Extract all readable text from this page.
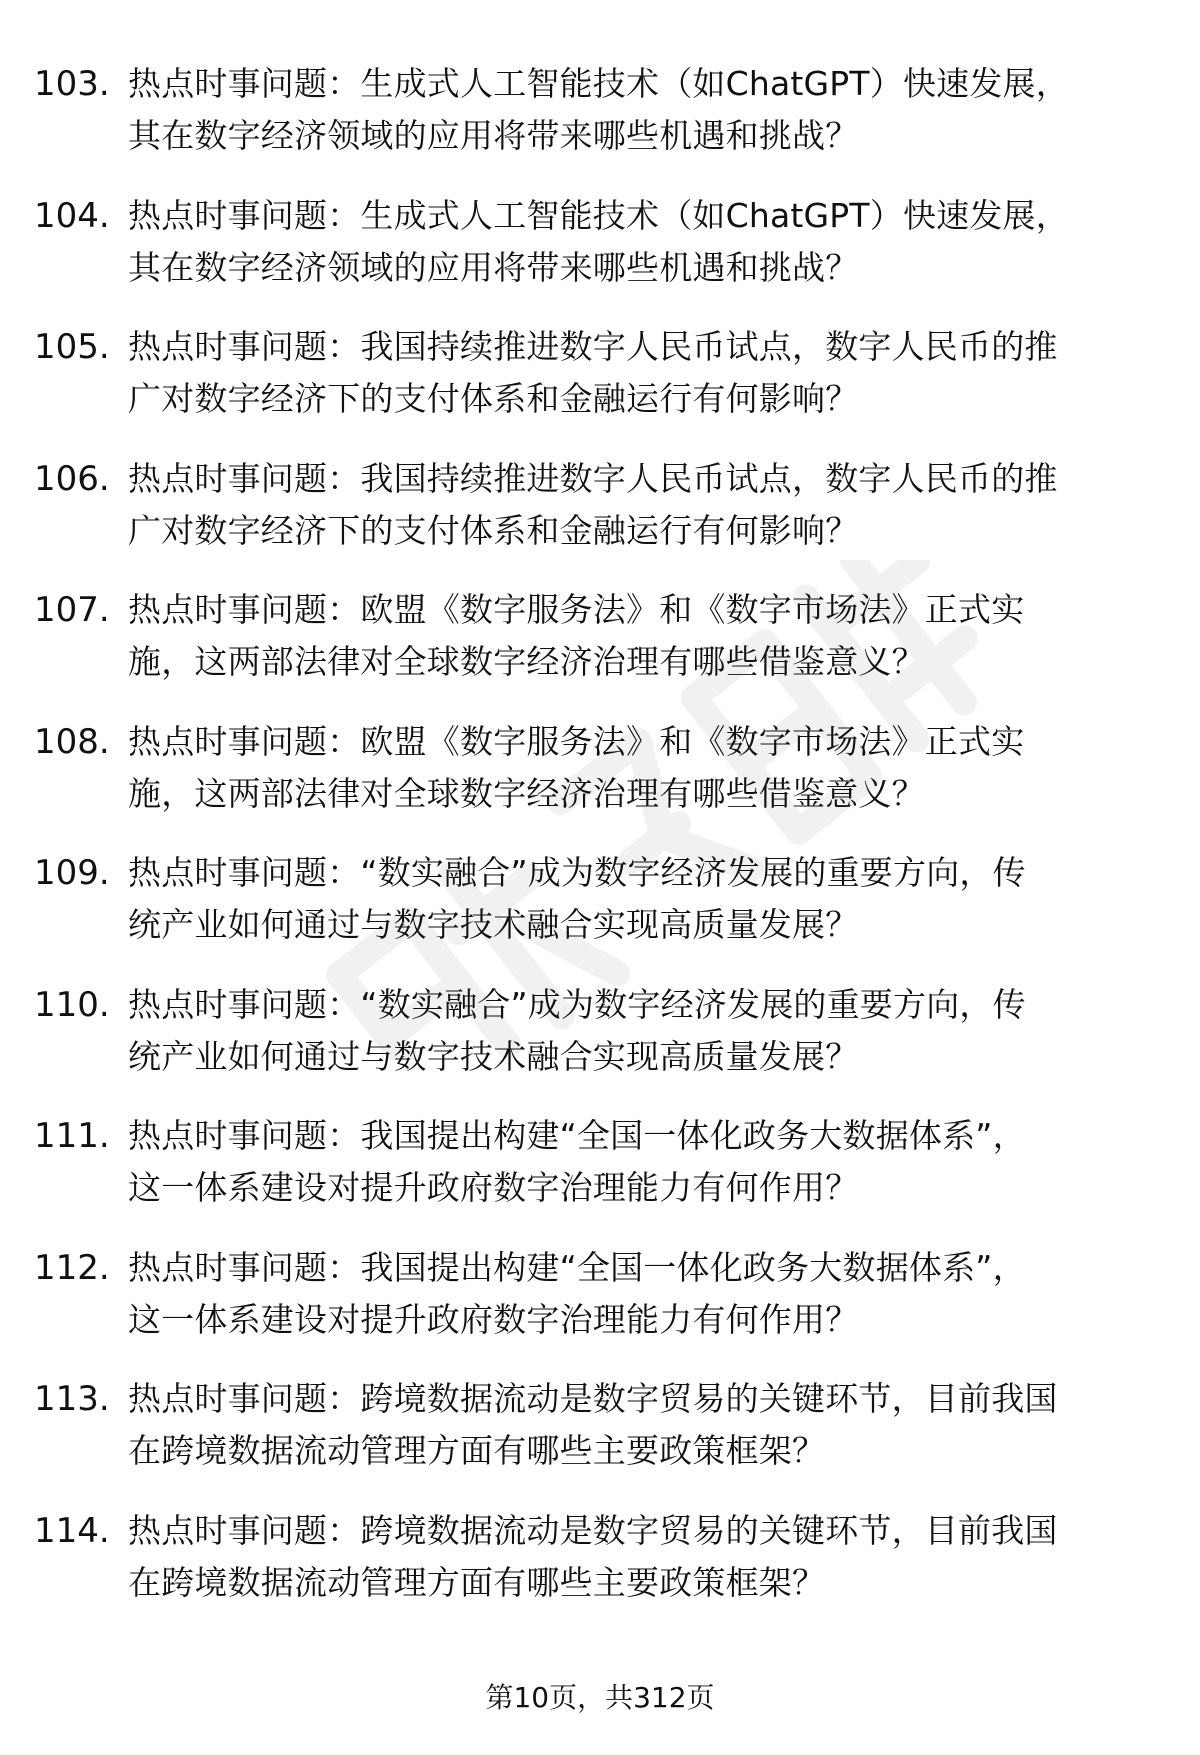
103. 热点时事问题：生成式人工智能技术（如ChatGPT）快速发展，
其在数字经济领域的应用将带来哪些机遇和挑战？
104. 热点时事问题：生成式人工智能技术（如ChatGPT）快速发展，
其在数字经济领域的应用将带来哪些机遇和挑战？
105. 热点时事问题：我国持续推进数字人民币试点，数字人民币的推
广对数字经济下的支付体系和金融运行有何影响？
106. 热点时事问题：我国持续推进数字人民币试点，数字人民币的推
广对数字经济下的支付体系和金融运行有何影响？
107. 热点时事问题：欧盟《数字服务法》和《数字市场法》正式实
施，这两部法律对全球数字经济治理有哪些借鉴意义？
108. 热点时事问题：欧盟《数字服务法》和《数字市场法》正式实
施，这两部法律对全球数字经济治理有哪些借鉴意义？
109. 热点时事问题：“数实融合”成为数字经济发展的重要方向，传
统产业如何通过与数字技术融合实现高质量发展？
110. 热点时事问题：“数实融合”成为数字经济发展的重要方向，传
统产业如何通过与数字技术融合实现高质量发展？
111. 热点时事问题：我国提出构建“全国一体化政务大数据体系”，
这一体系建设对提升政府数字治理能力有何作用？
112. 热点时事问题：我国提出构建“全国一体化政务大数据体系”，
这一体系建设对提升政府数字治理能力有何作用？
113. 热点时事问题：跨境数据流动是数字贸易的关键环节，目前我国
在跨境数据流动管理方面有哪些主要政策框架？
114. 热点时事问题：跨境数据流动是数字贸易的关键环节，目前我国
在跨境数据流动管理方面有哪些主要政策框架？
第10页，共312页
